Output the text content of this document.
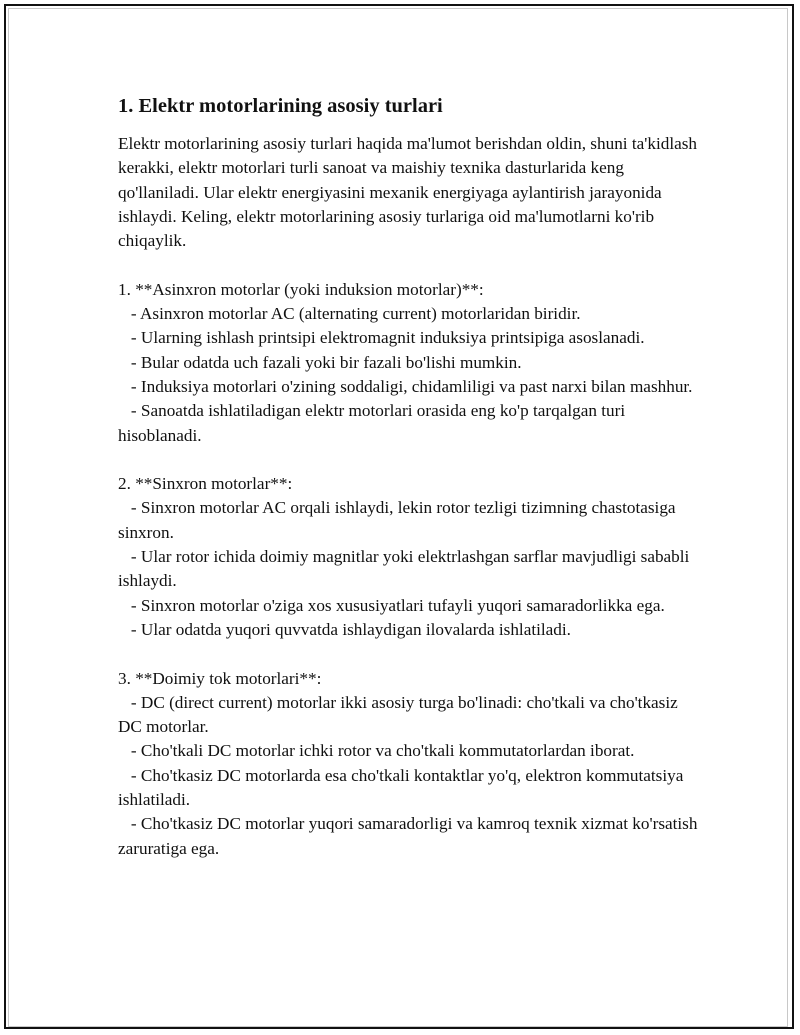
1. Elektr motorlarining asosiy turlari

Elektr motorlarining asosiy turlari haqida ma'lumot berishdan oldin, shuni ta'kidlash kerakki, elektr motorlari turli sanoat va maishiy texnika dasturlarida keng qo'llaniladi. Ular elektr energiyasini mexanik energiyaga aylantirish jarayonida ishlaydi. Keling, elektr motorlarining asosiy turlariga oid ma'lumotlarni ko'rib chiqaylik.

1. **Asinxron motorlar (yoki induksion motorlar)**:

- Asinxron motorlar AC (alternating current) motorlaridan biridir.

- Ularning ishlash printsipi elektromagnit induksiya printsipiga asoslanadi.

- Bular odatda uch fazali yoki bir fazali bo'lishi mumkin.

- Induksiya motorlari o'zining soddaligi, chidamliligi va past narxi bilan mashhur.

- Sanoatda ishlatiladigan elektr motorlari orasida eng ko'p tarqalgan turi hisoblanadi.

2. **Sinxron motorlar**:

- Sinxron motorlar AC orqali ishlaydi, lekin rotor tezligi tizimning chastotasiga sinxron.

- Ular rotor ichida doimiy magnitlar yoki elektrlashgan sarflar mavjudligi sababli ishlaydi.

- Sinxron motorlar o'ziga xos xususiyatlari tufayli yuqori samaradorlikka ega.

- Ular odatda yuqori quvvatda ishlaydigan ilovalarda ishlatiladi.

3. **Doimiy tok motorlari**:

- DC (direct current) motorlar ikki asosiy turga bo'linadi: cho'tkali va cho'tkasiz DC motorlar.

- Cho'tkali DC motorlar ichki rotor va cho'tkali kommutatorlardan iborat.

- Cho'tkasiz DC motorlarda esa cho'tkali kontaktlar yo'q, elektron kommutatsiya ishlatiladi.

- Cho'tkasiz DC motorlar yuqori samaradorligi va kamroq texnik xizmat ko'rsatish zaruratiga ega.
